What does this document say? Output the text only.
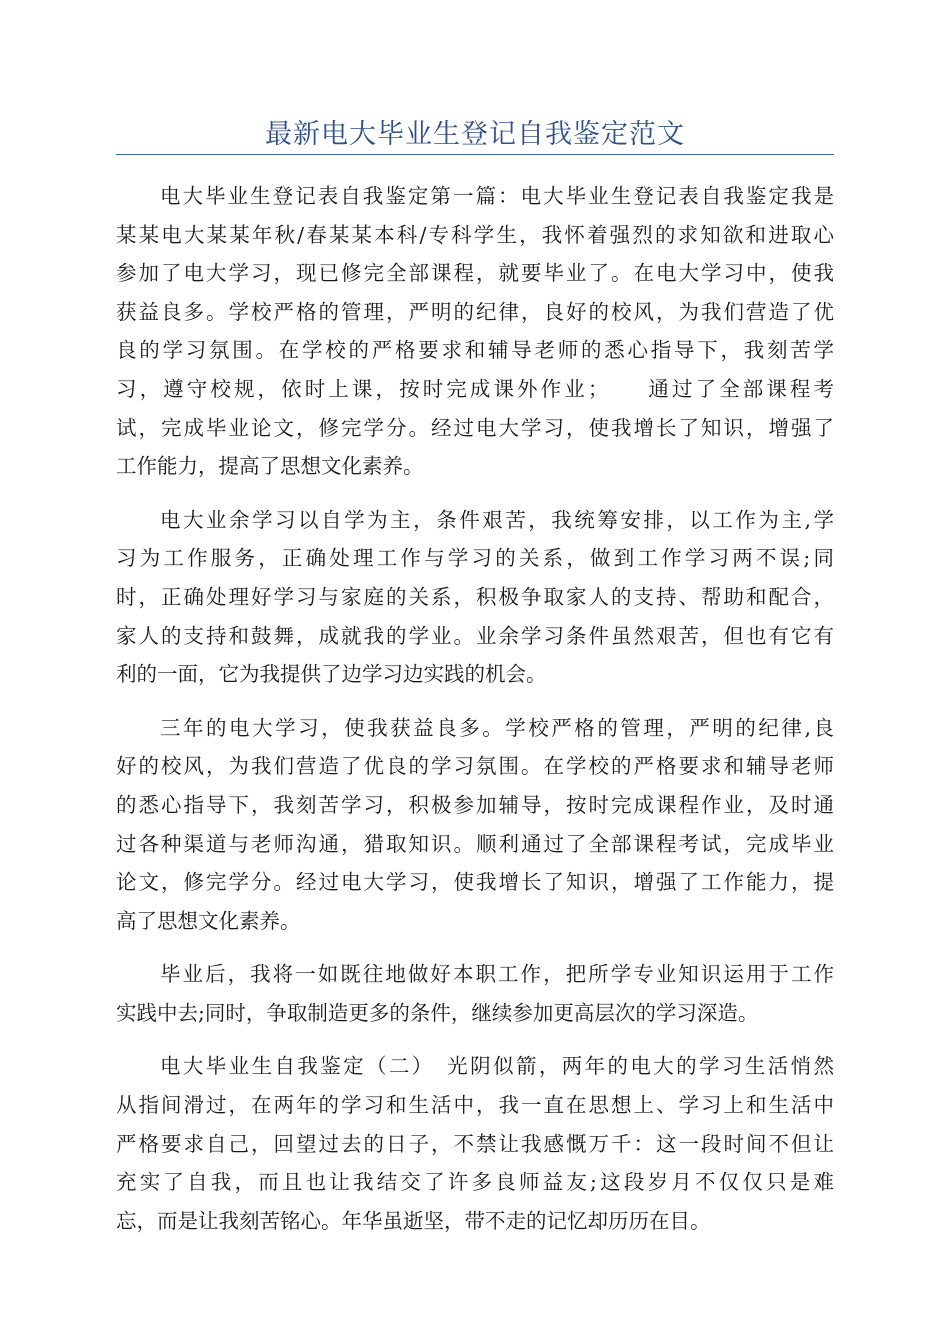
最新电大毕业生登记自我鉴定范文

电大毕业生登记表自我鉴定第一篇：电大毕业生登记表自我鉴定我是
某某电大某某年秋/春某某本科/专科学生，我怀着强烈的求知欲和进取心
参加了电大学习，现已修完全部课程，就要毕业了。在电大学习中，使我
获益良多。学校严格的管理，严明的纪律，良好的校风，为我们营造了优
良的学习氛围。在学校的严格要求和辅导老师的悉心指导下，我刻苦学
习，遵守校规，依时上课，按时完成课外作业；　　通过了全部课程考
试，完成毕业论文，修完学分。经过电大学习，使我增长了知识，增强了
工作能力，提高了思想文化素养。

电大业余学习以自学为主，条件艰苦，我统筹安排，以工作为主,学
习为工作服务，正确处理工作与学习的关系，做到工作学习两不误;同
时，正确处理好学习与家庭的关系，积极争取家人的支持、帮助和配合，
家人的支持和鼓舞，成就我的学业。业余学习条件虽然艰苦，但也有它有
利的一面，它为我提供了边学习边实践的机会。

三年的电大学习，使我获益良多。学校严格的管理，严明的纪律,良
好的校风，为我们营造了优良的学习氛围。在学校的严格要求和辅导老师
的悉心指导下，我刻苦学习，积极参加辅导，按时完成课程作业，及时通
过各种渠道与老师沟通，猎取知识。顺利通过了全部课程考试，完成毕业
论文，修完学分。经过电大学习，使我增长了知识，增强了工作能力，提
高了思想文化素养。

毕业后，我将一如既往地做好本职工作，把所学专业知识运用于工作
实践中去;同时，争取制造更多的条件，继续参加更高层次的学习深造。

电大毕业生自我鉴定（二）　光阴似箭，两年的电大的学习生活悄然
从指间滑过，在两年的学习和生活中，我一直在思想上、学习上和生活中
严格要求自己，回望过去的日子，不禁让我感慨万千：这一段时间不但让
充实了自我，而且也让我结交了许多良师益友;这段岁月不仅仅只是难
忘，而是让我刻苦铭心。年华虽逝坚，带不走的记忆却历历在目。
